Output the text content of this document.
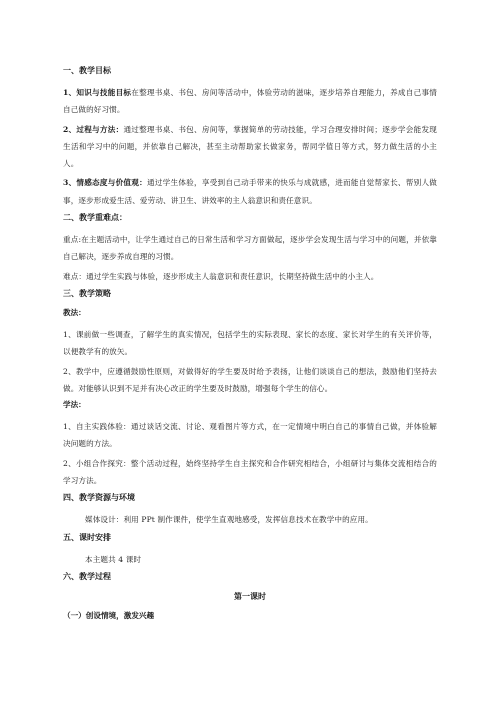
一、教学目标
1、知识与技能目标在整理书桌、书包、房间等活动中，体验劳动的滋味，逐步培养自理能力，养成自己事情自己做的好习惯。
2、过程与方法：通过整理书桌、书包、房间等，掌握简单的劳动技能，学习合理安排时间；逐步学会能发现生活和学习中的问题，并依靠自己解决，甚至主动帮助家长做家务，帮同学值日等方式，努力做生活的小主人。
3、情感态度与价值观：通过学生体验，享受到自己动手带来的快乐与成就感，进而能自觉帮家长、帮别人做事，逐步形成爱生活、爱劳动、讲卫生、讲效率的主人翁意识和责任意识。
二、教学重难点：
重点:在主题活动中，让学生通过自己的日常生活和学习方面做起，逐步学会发现生活与学习中的问题，并依靠自己解决，逐步养成自理的习惯。
难点：通过学生实践与体验，逐步形成主人翁意识和责任意识，长期坚持做生活中的小主人。
三、教学策略
教法：
1、课前做一些调查，了解学生的真实情况，包括学生的实际表现、家长的态度、家长对学生的有关评价等，以便教学有的放矢。
2、教学中，应遵循鼓励性原则，对做得好的学生要及时给予表扬，让他们谈谈自己的想法，鼓励他们坚持去做。对能够认识到不足并有决心改正的学生要及时鼓励，增强每个学生的信心。
学法：
1、自主实践体验：通过谈话交流、讨论、观看图片等方式，在一定情境中明白自己的事情自己做，并体验解决问题的方法。
2、小组合作探究：整个活动过程，始终坚持学生自主探究和合作研究相结合，小组研讨与集体交流相结合的学习方法。
四、教学资源与环境
媒体设计：利用 PPt 制作课件，使学生直观地感受，发挥信息技术在教学中的应用。
五、课时安排
本主题共 4 课时
六、教学过程
第一课时
（一）创设情境，激发兴趣
